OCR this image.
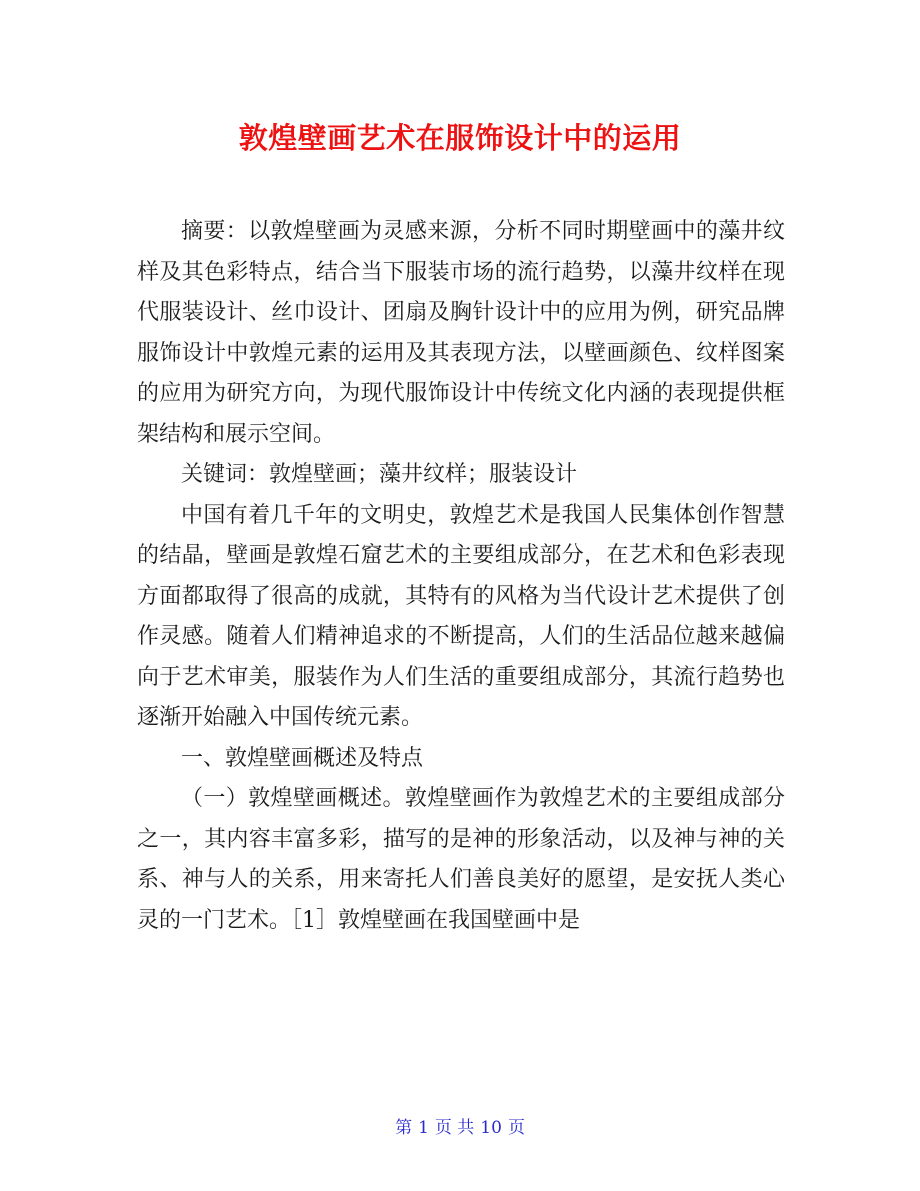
敦煌壁画艺术在服饰设计中的运用

摘要：以敦煌壁画为灵感来源，分析不同时期壁画中的藻井纹样及其色彩特点，结合当下服装市场的流行趋势，以藻井纹样在现代服装设计、丝巾设计、团扇及胸针设计中的应用为例，研究品牌服饰设计中敦煌元素的运用及其表现方法，以壁画颜色、纹样图案的应用为研究方向，为现代服饰设计中传统文化内涵的表现提供框架结构和展示空间。

关键词：敦煌壁画；藻井纹样；服装设计

中国有着几千年的文明史，敦煌艺术是我国人民集体创作智慧的结晶，壁画是敦煌石窟艺术的主要组成部分，在艺术和色彩表现方面都取得了很高的成就，其特有的风格为当代设计艺术提供了创作灵感。随着人们精神追求的不断提高，人们的生活品位越来越偏向于艺术审美，服装作为人们生活的重要组成部分，其流行趋势也逐渐开始融入中国传统元素。

一、敦煌壁画概述及特点

（一）敦煌壁画概述。敦煌壁画作为敦煌艺术的主要组成部分之一，其内容丰富多彩，描写的是神的形象活动，以及神与神的关系、神与人的关系，用来寄托人们善良美好的愿望，是安抚人类心灵的一门艺术。［1］敦煌壁画在我国壁画中是

第 1 页 共 10 页
